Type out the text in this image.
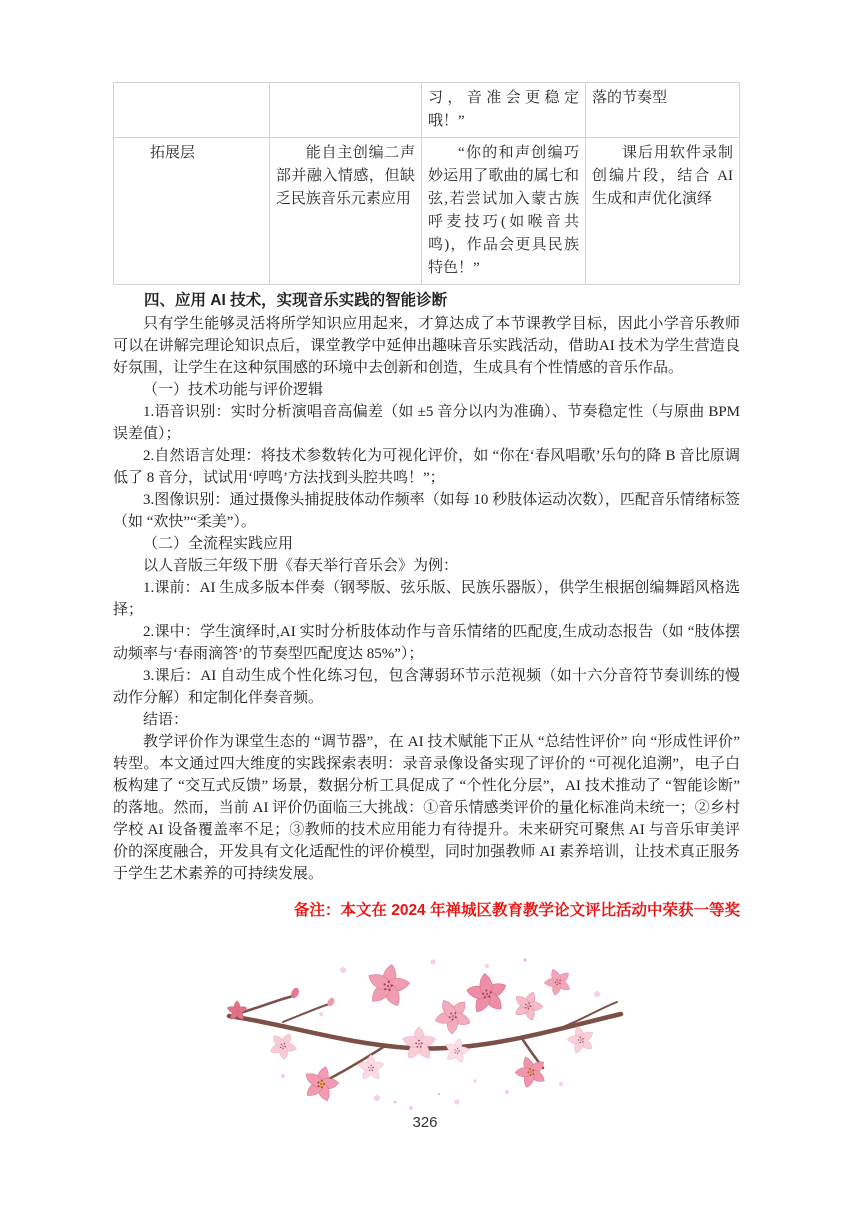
		习，音准会更稳定哦！”	落的节奏型
拓展层	能自主创编二声部并融入情感，但缺乏民族音乐元素应用	“你的和声创编巧妙运用了歌曲的属七和弦,若尝试加入蒙古族呼麦技巧(如喉音共鸣)，作品会更具民族特色！”	课后用软件录制创编片段，结合 AI 生成和声优化演绎
四、应用 AI 技术，实现音乐实践的智能诊断

只有学生能够灵活将所学知识应用起来，才算达成了本节课教学目标，因此小学音乐教师可以在讲解完理论知识点后，课堂教学中延伸出趣味音乐实践活动，借助AI 技术为学生营造良好氛围，让学生在这种氛围感的环境中去创新和创造，生成具有个性情感的音乐作品。

（一）技术功能与评价逻辑

1.语音识别：实时分析演唱音高偏差（如 ±5 音分以内为准确）、节奏稳定性（与原曲 BPM 误差值）；

2.自然语言处理：将技术参数转化为可视化评价，如 “你在‘春风唱歌’乐句的降 B 音比原调低了 8 音分，试试用‘哼鸣’方法找到头腔共鸣！”；

3.图像识别：通过摄像头捕捉肢体动作频率（如每 10 秒肢体运动次数），匹配音乐情绪标签（如 “欢快”“柔美”）。

（二）全流程实践应用

以人音版三年级下册《春天举行音乐会》为例：

1.课前：AI 生成多版本伴奏（钢琴版、弦乐版、民族乐器版），供学生根据创编舞蹈风格选择；

2.课中：学生演绎时,AI 实时分析肢体动作与音乐情绪的匹配度,生成动态报告（如 “肢体摆动频率与‘春雨滴答’的节奏型匹配度达 85%”）；

3.课后：AI 自动生成个性化练习包，包含薄弱环节示范视频（如十六分音符节奏训练的慢动作分解）和定制化伴奏音频。

结语：

教学评价作为课堂生态的 “调节器”，在 AI 技术赋能下正从 “总结性评价” 向 “形成性评价” 转型。本文通过四大维度的实践探索表明：录音录像设备实现了评价的 “可视化追溯”，电子白板构建了 “交互式反馈” 场景，数据分析工具促成了 “个性化分层”，AI 技术推动了 “智能诊断” 的落地。然而，当前 AI 评价仍面临三大挑战：①音乐情感类评价的量化标准尚未统一；②乡村学校 AI 设备覆盖率不足；③教师的技术应用能力有待提升。未来研究可聚焦 AI 与音乐审美评价的深度融合，开发具有文化适配性的评价模型，同时加强教师 AI 素养培训，让技术真正服务于学生艺术素养的可持续发展。

备注：本文在 2024 年禅城区教育教学论文评比活动中荣获一等奖
326
